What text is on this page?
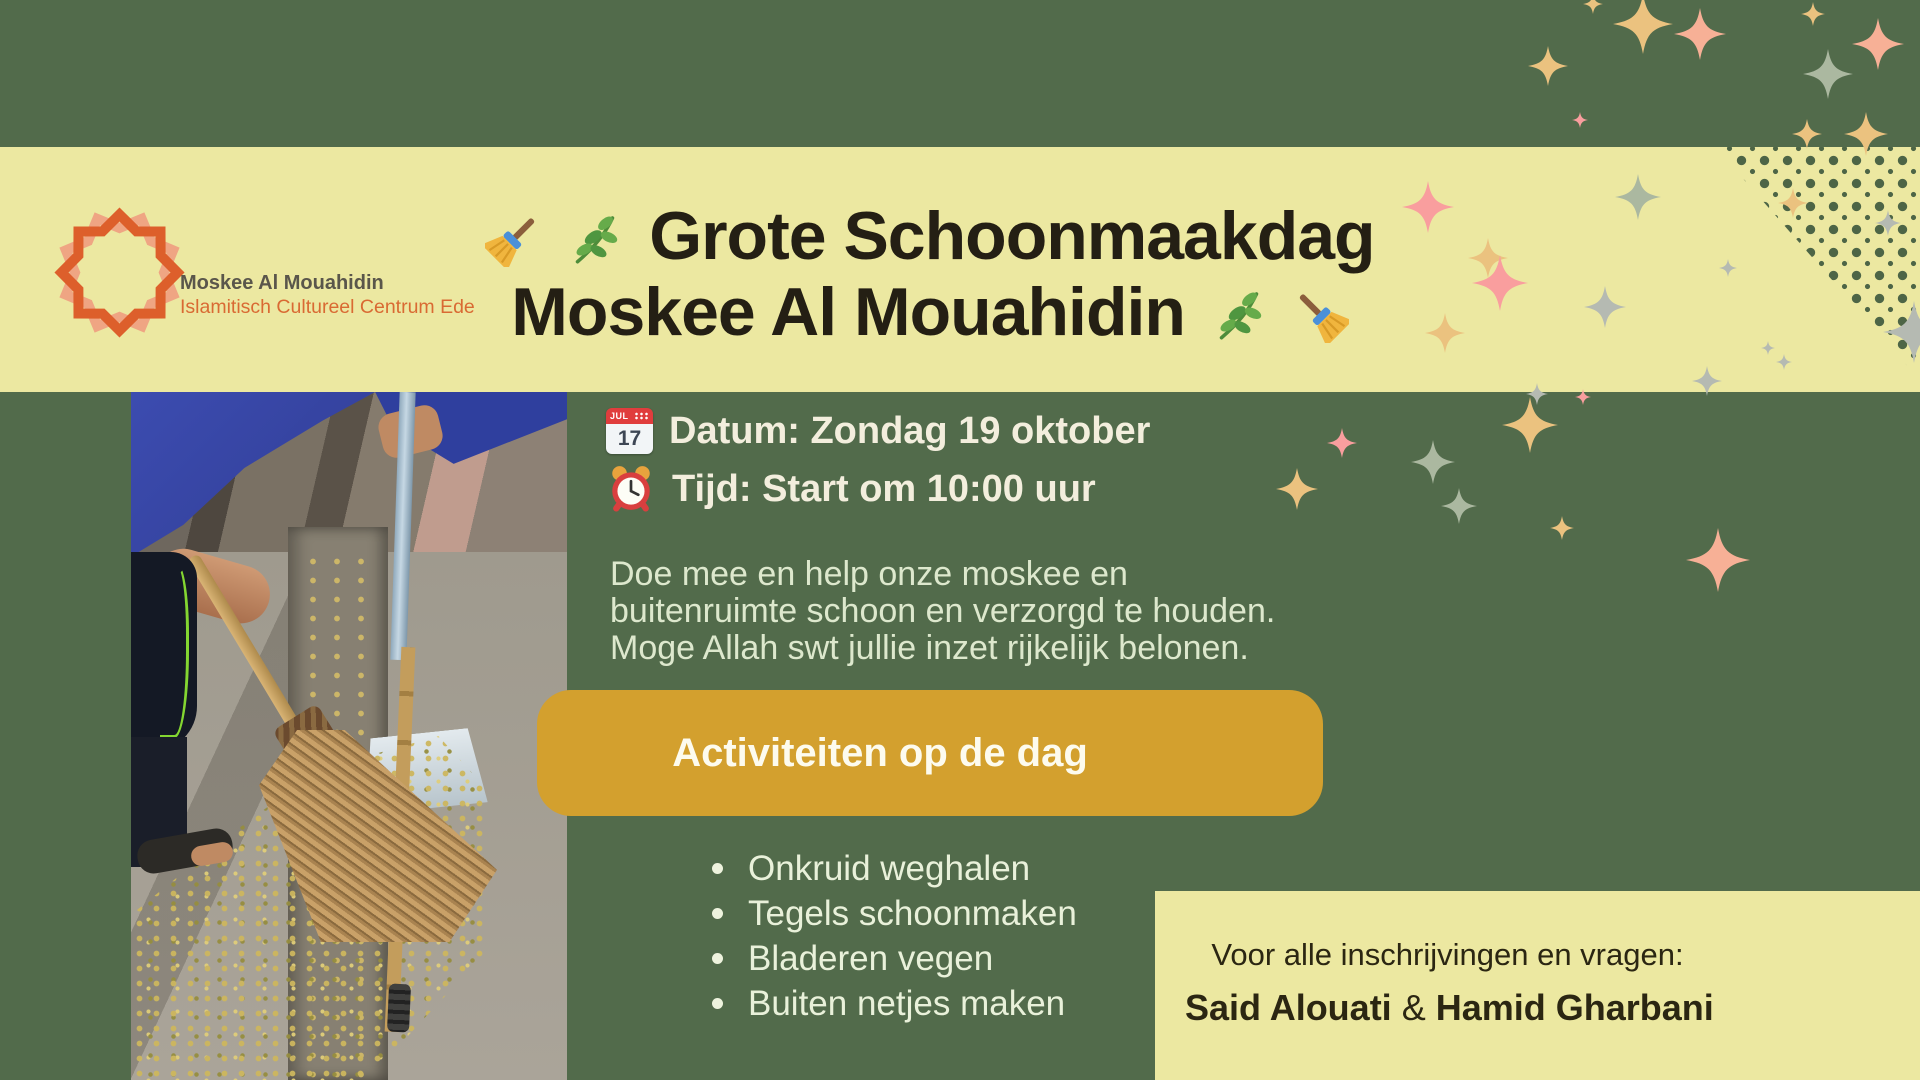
Moskee Al Mouahidin
Islamitisch Cultureel Centrum Ede
Grote Schoonmaakdag
Moskee Al Mouahidin
JUL
17 Datum: Zondag 19 oktober
Tijd: Start om 10:00 uur
Doe mee en help onze moskee en
buitenruimte schoon en verzorgd te houden.
Moge Allah swt jullie inzet rijkelijk belonen.
Activiteiten op de dag
Onkruid weghalen
Tegels schoonmaken
Bladeren vegen
Buiten netjes maken
Voor alle inschrijvingen en vragen:
Said Alouati & Hamid Gharbani
